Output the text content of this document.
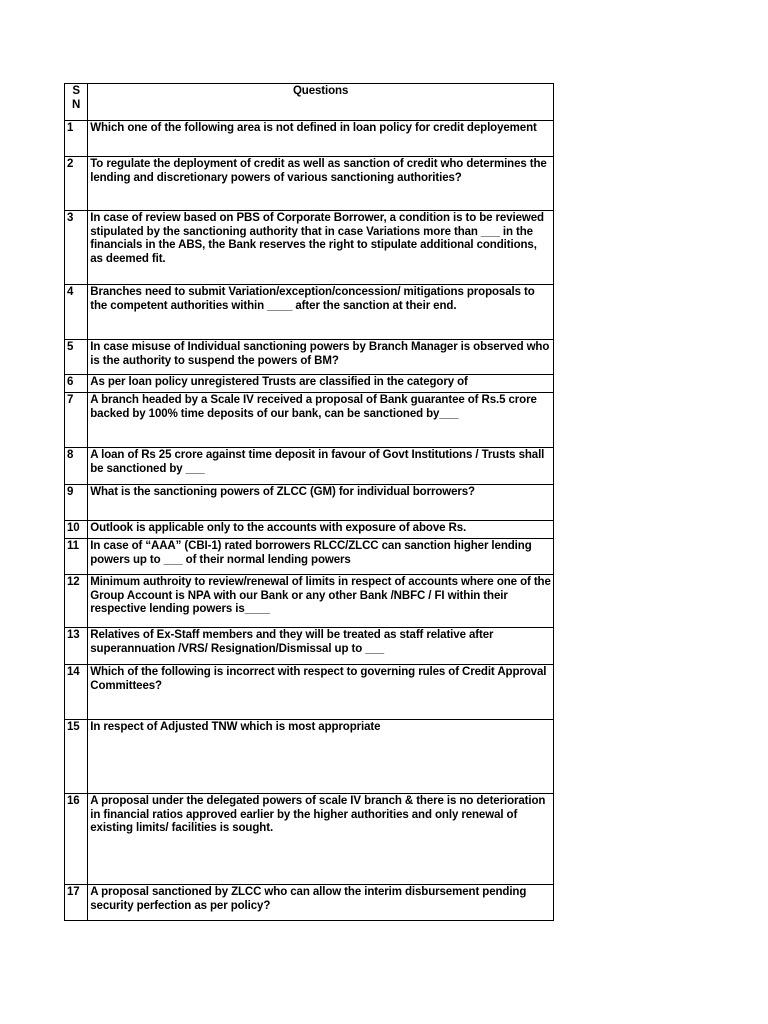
S N	Questions
1	Which one of the following area is not defined in loan policy for credit deployement
2	To regulate the deployment of credit as well as sanction of credit who determines the lending and discretionary powers of various sanctioning authorities?
3	In case of review based on PBS of Corporate Borrower, a condition is to be reviewed stipulated by the sanctioning authority that in case Variations more than ___ in the financials in the ABS, the Bank reserves the right to stipulate additional conditions, as deemed fit.
4	Branches need to submit Variation/exception/concession/ mitigations proposals to the competent authorities within ____ after the sanction at their end.
5	In case misuse of Individual sanctioning powers by Branch Manager is observed who is the authority to suspend the powers of BM?
6	As per loan policy unregistered Trusts are classified in the category of
7	A branch headed by a Scale IV received a proposal of Bank guarantee of Rs.5 crore backed by 100% time deposits of our bank, can be sanctioned by___
8	A loan of Rs 25 crore against time deposit in favour of Govt Institutions / Trusts shall be sanctioned by ___
9	What is the sanctioning powers of ZLCC (GM) for individual borrowers?
10	Outlook is applicable only to the accounts with exposure of above Rs.
11	In case of “AAA” (CBI-1) rated borrowers RLCC/ZLCC can sanction higher lending powers up to ___ of their normal lending powers
12	Minimum authroity to review/renewal of limits in respect of accounts where one of the Group Account is NPA with our Bank or any other Bank /NBFC / FI within their respective lending powers is____
13	Relatives of Ex-Staff members and they will be treated as staff relative after superannuation /VRS/ Resignation/Dismissal up to ___
14	Which of the following is incorrect with respect to governing rules of Credit Approval Committees?
15	In respect of Adjusted TNW which is most appropriate
16	A proposal under the delegated powers of scale IV branch & there is no deterioration in financial ratios approved earlier by the higher authorities and only renewal of existing limits/ facilities is sought.
17	A proposal sanctioned by ZLCC who can allow the interim disbursement pending security perfection as per policy?
